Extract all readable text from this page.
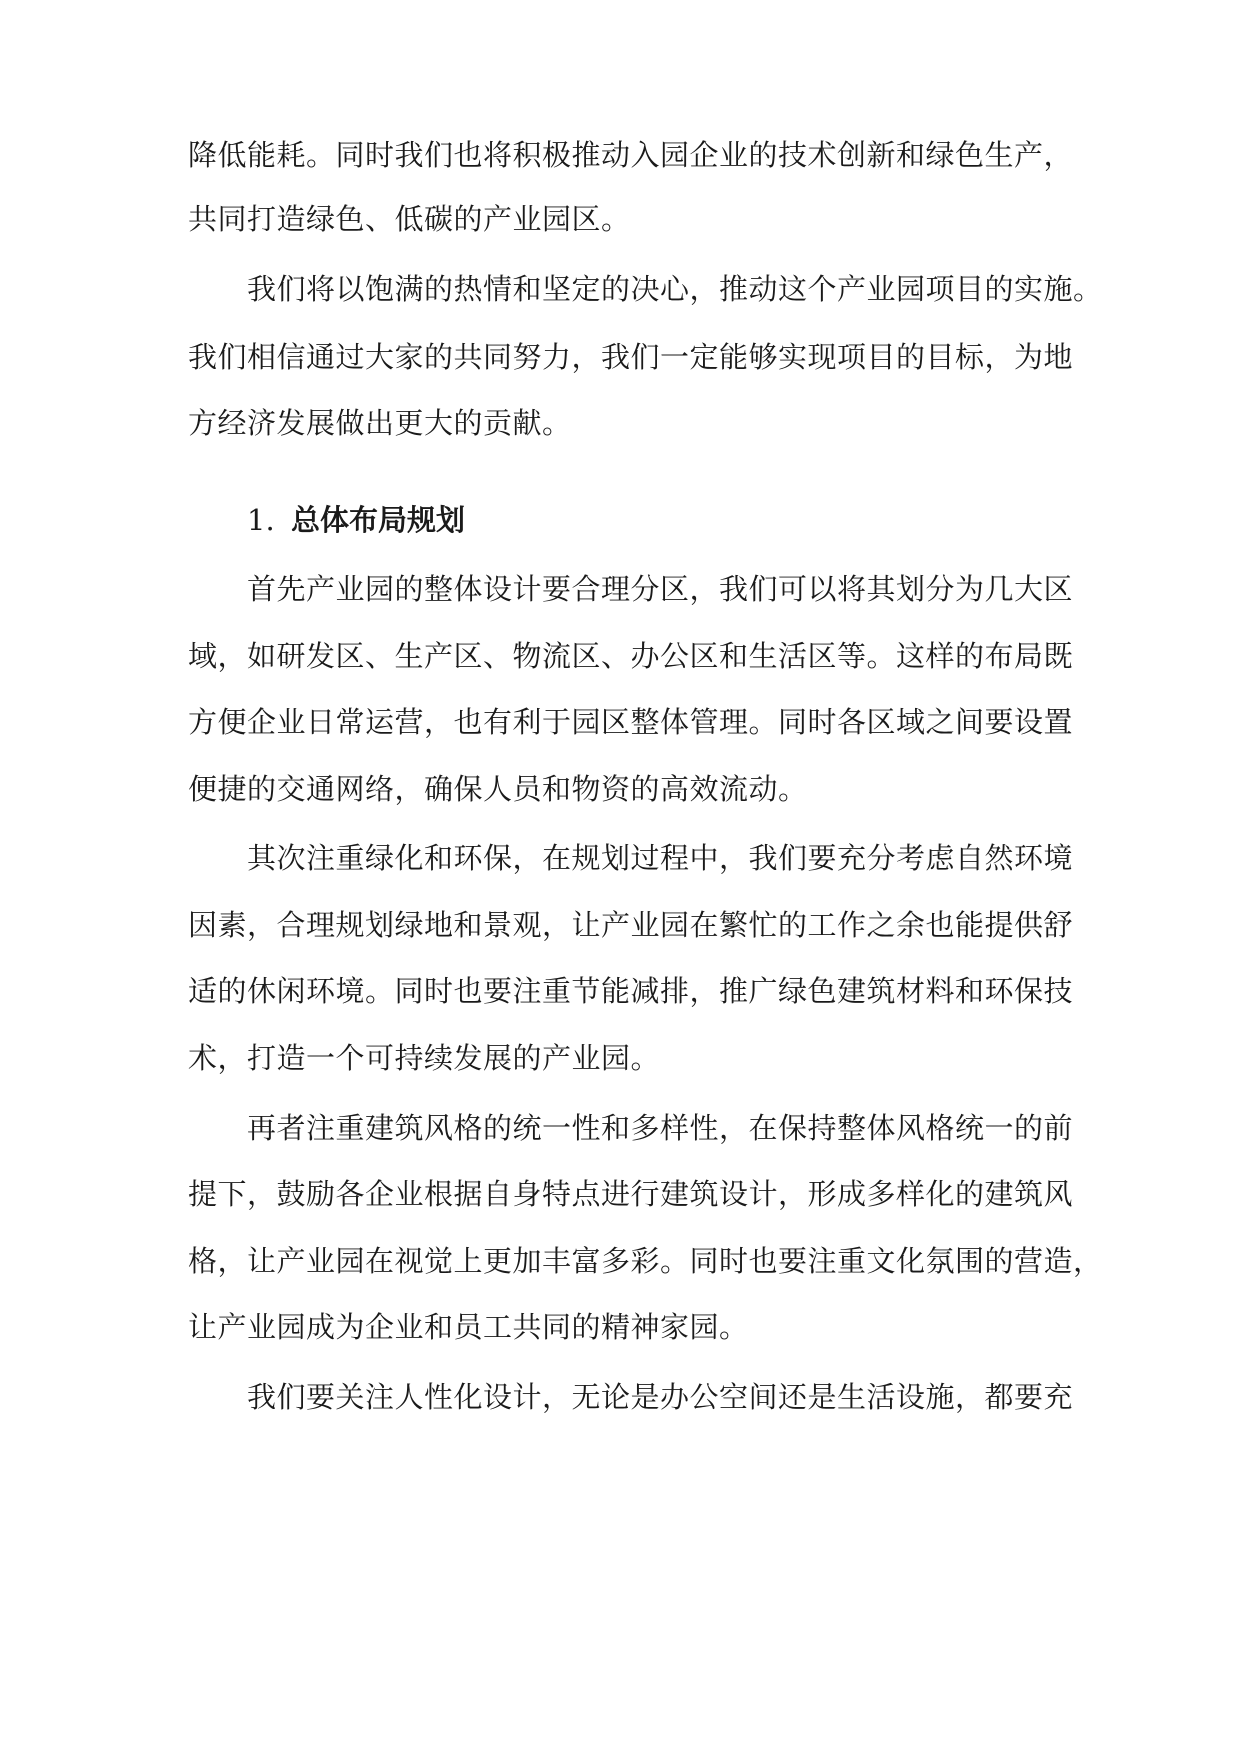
降低能耗。同时我们也将积极推动入园企业的技术创新和绿色生产，
共同打造绿色、低碳的产业园区。
我们将以饱满的热情和坚定的决心，推动这个产业园项目的实施。
我们相信通过大家的共同努力，我们一定能够实现项目的目标，为地
方经济发展做出更大的贡献。
1. 总体布局规划
首先产业园的整体设计要合理分区，我们可以将其划分为几大区
域，如研发区、生产区、物流区、办公区和生活区等。这样的布局既
方便企业日常运营，也有利于园区整体管理。同时各区域之间要设置
便捷的交通网络，确保人员和物资的高效流动。
其次注重绿化和环保，在规划过程中，我们要充分考虑自然环境
因素，合理规划绿地和景观，让产业园在繁忙的工作之余也能提供舒
适的休闲环境。同时也要注重节能减排，推广绿色建筑材料和环保技
术，打造一个可持续发展的产业园。
再者注重建筑风格的统一性和多样性，在保持整体风格统一的前
提下，鼓励各企业根据自身特点进行建筑设计，形成多样化的建筑风
格，让产业园在视觉上更加丰富多彩。同时也要注重文化氛围的营造，
让产业园成为企业和员工共同的精神家园。
我们要关注人性化设计，无论是办公空间还是生活设施，都要充
